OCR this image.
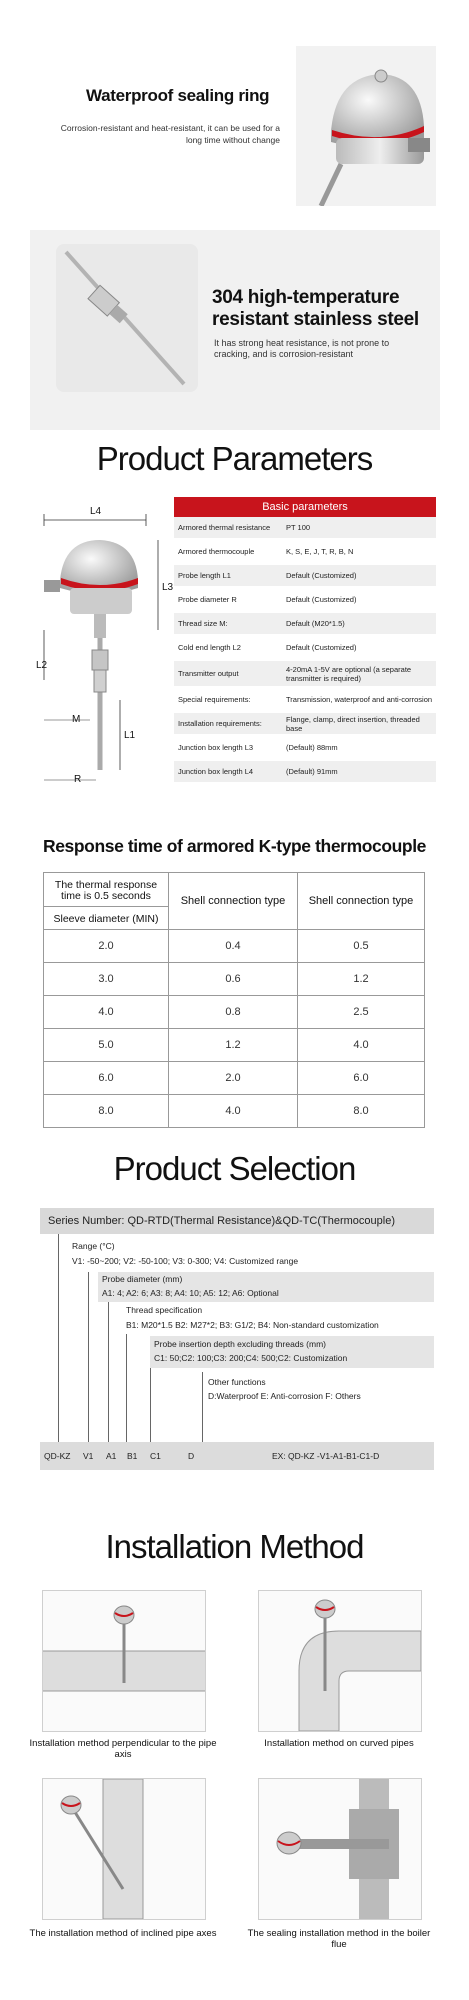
Waterproof sealing ring
Corrosion-resistant and heat-resistant, it can be used for a long time without change
304 high-temperature
resistant stainless steel
It has strong heat resistance, is not prone to cracking, and is corrosion-resistant
Product Parameters
L4
L3
L2
L1
M
R
Basic parameters
Armored thermal resistance	PT 100
Armored thermocouple	K, S, E, J, T, R, B, N
Probe length L1	Default (Customized)
Probe diameter R	Default (Customized)
Thread size M:	Default (M20*1.5)
Cold end length L2	Default (Customized)
Transmitter output	4-20mA 1-5V are optional (a separate transmitter is required)
Special requirements:	Transmission, waterproof and anti-corrosion
Installation requirements:	Flange, clamp, direct insertion, threaded base
Junction box length L3	(Default) 88mm
Junction box length L4	(Default) 91mm
Response time of armored K-type thermocouple
The thermal response time is 0.5 seconds
Sleeve diameter (MIN)	Shell connection type	Shell connection type
2.0	0.4	0.5
3.0	0.6	1.2
4.0	0.8	2.5
5.0	1.2	4.0
6.0	2.0	6.0
8.0	4.0	8.0
Product Selection
Series Number: QD-RTD(Thermal Resistance)&QD-TC(Thermocouple)
Range (°C)
V1: -50~200; V2: -50-100; V3: 0-300; V4: Customized range
Probe diameter (mm)
A1: 4; A2: 6; A3: 8; A4: 10; A5: 12; A6: Optional
Thread specification
B1: M20*1.5 B2: M27*2; B3: G1/2; B4: Non-standard customization
Probe insertion depth excluding threads (mm)
C1: 50;C2: 100;C3: 200;C4: 500;C2: Customization
Other functions
D:Waterproof E: Anti-corrosion F: Others
QD-KZ V1 A1 B1 C1	D	EX: QD-KZ -V1-A1-B1-C1-D
Installation Method
Installation method perpendicular to the pipe axis
Installation method on curved pipes
The installation method of inclined pipe axes	The sealing installation method in the boiler flue
